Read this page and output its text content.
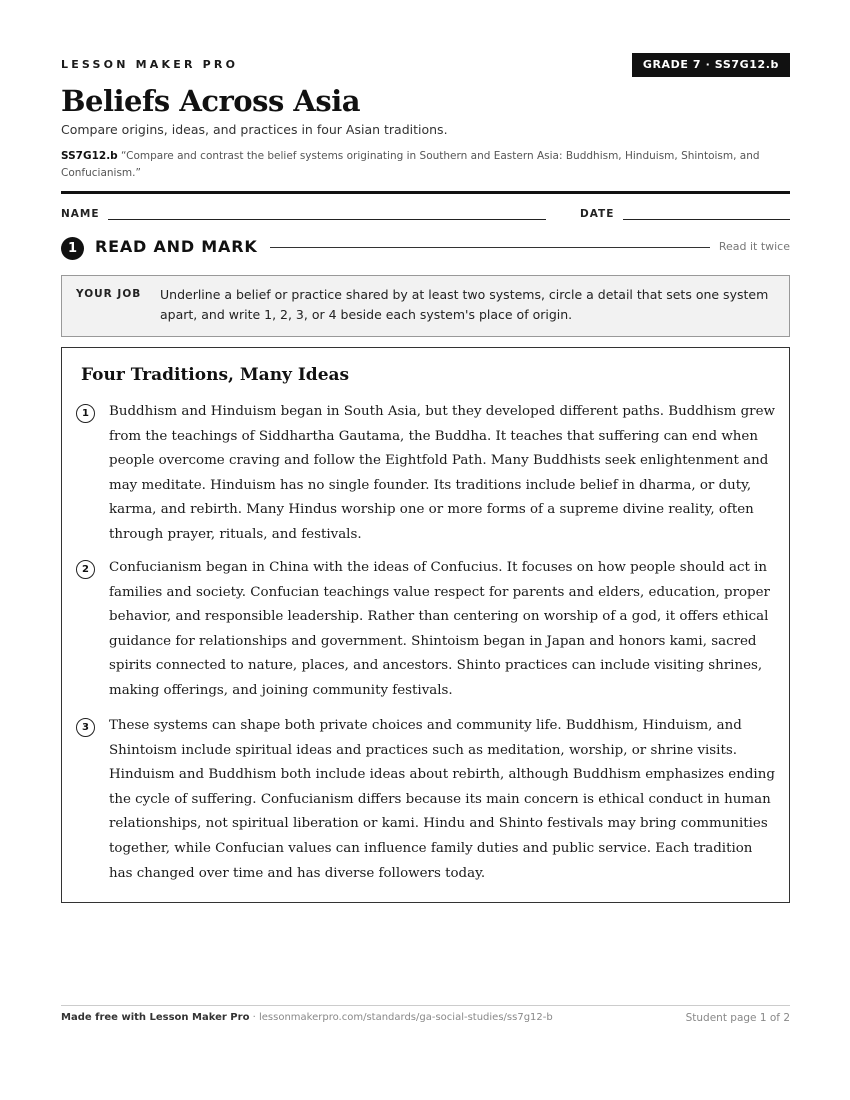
LESSON MAKER PRO	GRADE 7 · SS7G12.b
Beliefs Across Asia
Compare origins, ideas, and practices in four Asian traditions.
SS7G12.b “Compare and contrast the belief systems originating in Southern and Eastern Asia: Buddhism, Hinduism, Shintoism, and Confucianism.”
NAME	DATE
1	READ AND MARK	Read it twice
YOUR JOB Underline a belief or practice shared by at least two systems, circle a detail that sets one system apart, and write 1, 2, 3, or 4 beside each system's place of origin.
Four Traditions, Many Ideas
1	Buddhism and Hinduism began in South Asia, but they developed different paths. Buddhism grew from the teachings of Siddhartha Gautama, the Buddha. It teaches that suffering can end when people overcome craving and follow the Eightfold Path. Many Buddhists seek enlightenment and may meditate. Hinduism has no single founder. Its traditions include belief in dharma, or duty, karma, and rebirth. Many Hindus worship one or more forms of a supreme divine reality, often through prayer, rituals, and festivals.

2	Confucianism began in China with the ideas of Confucius. It focuses on how people should act in families and society. Confucian teachings value respect for parents and elders, education, proper behavior, and responsible leadership. Rather than centering on worship of a god, it offers ethical guidance for relationships and government. Shintoism began in Japan and honors kami, sacred spirits connected to nature, places, and ancestors. Shinto practices can include visiting shrines, making offerings, and joining community festivals.

3	These systems can shape both private choices and community life. Buddhism, Hinduism, and Shintoism include spiritual ideas and practices such as meditation, worship, or shrine visits. Hinduism and Buddhism both include ideas about rebirth, although Buddhism emphasizes ending the cycle of suffering. Confucianism differs because its main concern is ethical conduct in human relationships, not spiritual liberation or kami. Hindu and Shinto festivals may bring communities together, while Confucian values can influence family duties and public service. Each tradition has changed over time and has diverse followers today.

Made free with Lesson Maker Pro · lessonmakerpro.com/standards/ga-social-studies/ss7g12-b	Student page 1 of 2
